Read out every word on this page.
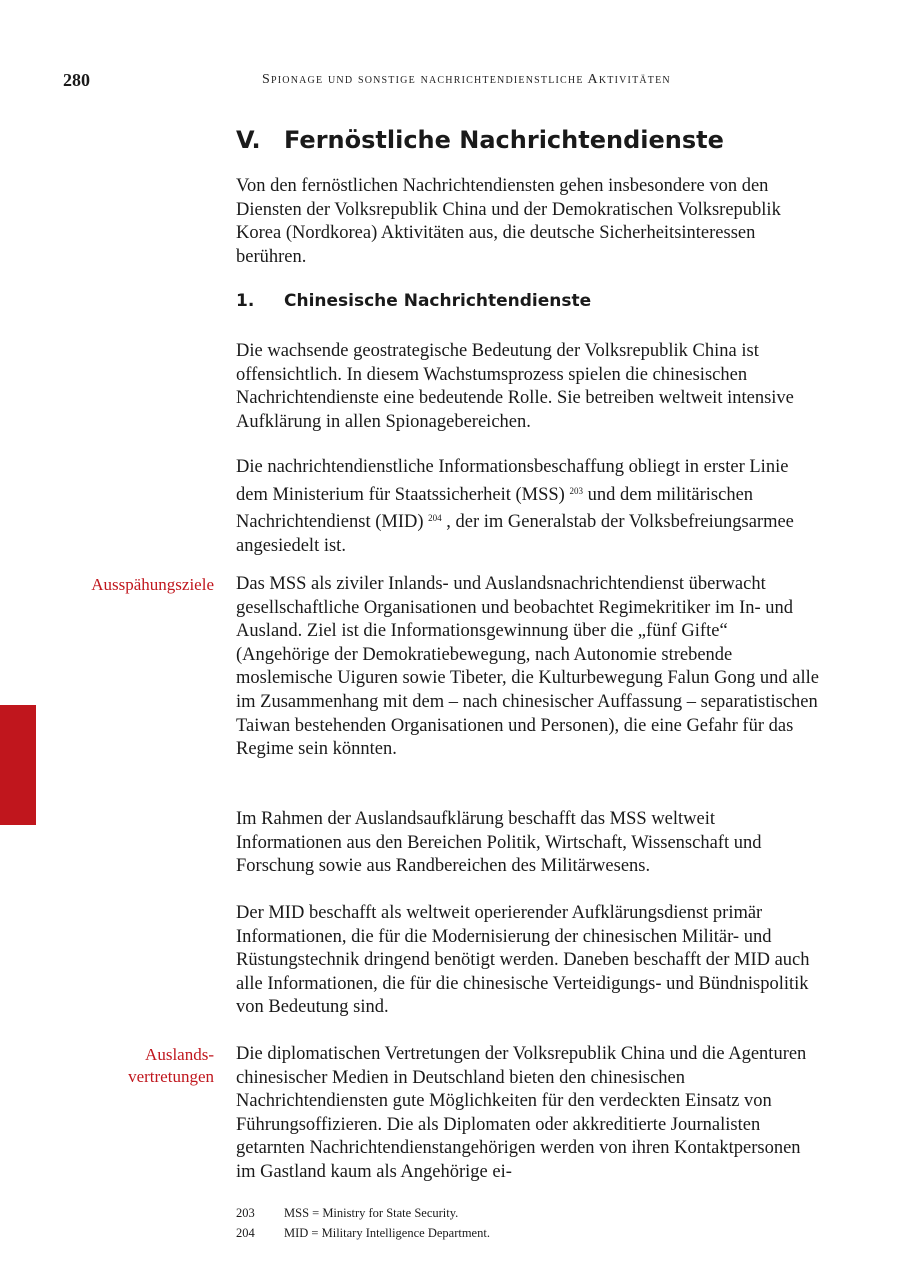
280	Spionage und sonstige nachrichtendienstliche Aktivitäten
V. Fernöstliche Nachrichtendienste

Von den fernöstlichen Nachrichtendiensten gehen insbesondere von den Diensten der Volksrepublik China und der Demokratischen Volksrepublik Korea (Nordkorea) Aktivitäten aus, die deutsche Sicherheitsinteressen berühren.

1. Chinesische Nachrichtendienste

Die wachsende geostrategische Bedeutung der Volksrepublik China ist offensichtlich. In diesem Wachstumsprozess spielen die chinesischen Nachrichtendienste eine bedeutende Rolle. Sie betreiben weltweit intensive Aufklärung in allen Spionagebereichen.

Die nachrichtendienstliche Informationsbeschaffung obliegt in erster Linie dem Ministerium für Staatssicherheit (MSS) $^{203}$ und dem militärischen Nachrichtendienst (MID) $^{204}$ , der im Generalstab der Volksbefreiungsarmee angesiedelt ist.

Ausspähungsziele Das MSS als ziviler Inlands- und Auslandsnachrichtendienst überwacht gesellschaftliche Organisationen und beobachtet Regimekritiker im In- und Ausland. Ziel ist die Informationsgewinnung über die „fünf Gifte“ (Angehörige der Demokratiebewegung, nach Autonomie strebende moslemische Uiguren sowie Tibeter, die Kulturbewegung Falun Gong und alle im Zusammenhang mit dem – nach chinesischer Auffassung – separatistischen Taiwan bestehenden Organisationen und Personen), die eine Gefahr für das Regime sein könnten.

Im Rahmen der Auslandsaufklärung beschafft das MSS weltweit Informationen aus den Bereichen Politik, Wirtschaft, Wissenschaft und Forschung sowie aus Randbereichen des Militärwesens.

Der MID beschafft als weltweit operierender Aufklärungsdienst primär Informationen, die für die Modernisierung der chinesischen Militär- und Rüstungstechnik dringend benötigt werden. Daneben beschafft der MID auch alle Informationen, die für die chinesische Verteidigungs- und Bündnispolitik von Bedeutung sind.

Auslands-
vertretungen

Die diplomatischen Vertretungen der Volksrepublik China und die Agenturen chinesischer Medien in Deutschland bieten den chinesischen Nachrichtendiensten gute Möglichkeiten für den verdeckten Einsatz von Führungsoffizieren. Die als Diplomaten oder akkreditierte Journalisten getarnten Nachrichtendienstangehörigen werden von ihren Kontaktpersonen im Gastland kaum als Angehörige ei-

203 MSS = Ministry for State Security.

204 MID = Military Intelligence Department.
